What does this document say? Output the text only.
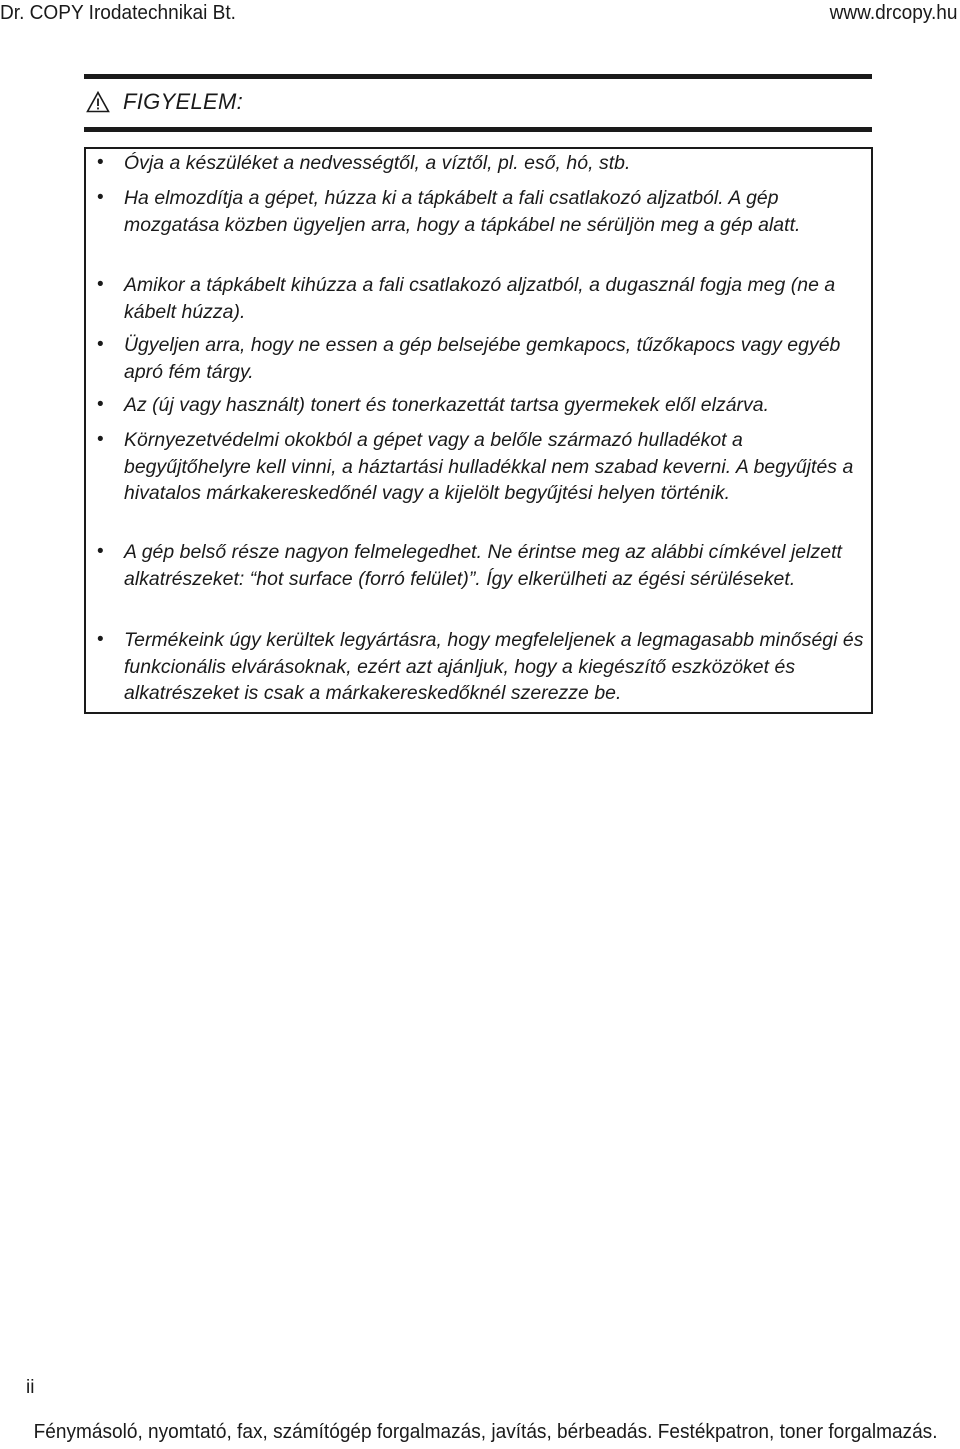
Dr. COPY Irodatechnikai Bt.	www.drcopy.hu
FIGYELEM:
• Óvja a készüléket a nedvességtől, a víztől, pl. eső, hó, stb.
• Ha elmozdítja a gépet, húzza ki a tápkábelt a fali csatlakozó aljzatból. A gép mozgatása közben ügyeljen arra, hogy a tápkábel ne sérüljön meg a gép alatt.
• Amikor a tápkábelt kihúzza a fali csatlakozó aljzatból, a dugasznál fogja meg (ne a kábelt húzza).
• Ügyeljen arra, hogy ne essen a gép belsejébe gemkapocs, tűzőkapocs vagy egyéb apró fém tárgy.
• Az (új vagy használt) tonert és tonerkazettát tartsa gyermekek elől elzárva.
• Környezetvédelmi okokból a gépet vagy a belőle származó hulladékot a begyűjtőhelyre kell vinni, a háztartási hulladékkal nem szabad keverni. A begyűjtés a hivatalos márkakereskedőnél vagy a kijelölt begyűjtési helyen történik.
• A gép belső része nagyon felmelegedhet. Ne érintse meg az alábbi címkével jelzett alkatrészeket: “hot surface (forró felület)”. Így elkerülheti az égési sérüléseket.
• Termékeink úgy kerültek legyártásra, hogy megfeleljenek a legmagasabb minőségi és funkcionális elvárásoknak, ezért azt ajánljuk, hogy a kiegészítő eszközöket és alkatrészeket is csak a márkakereskedőknél szerezze be.
ii
Fénymásoló, nyomtató, fax, számítógép forgalmazás, javítás, bérbeadás. Festékpatron, toner forgalmazás.
